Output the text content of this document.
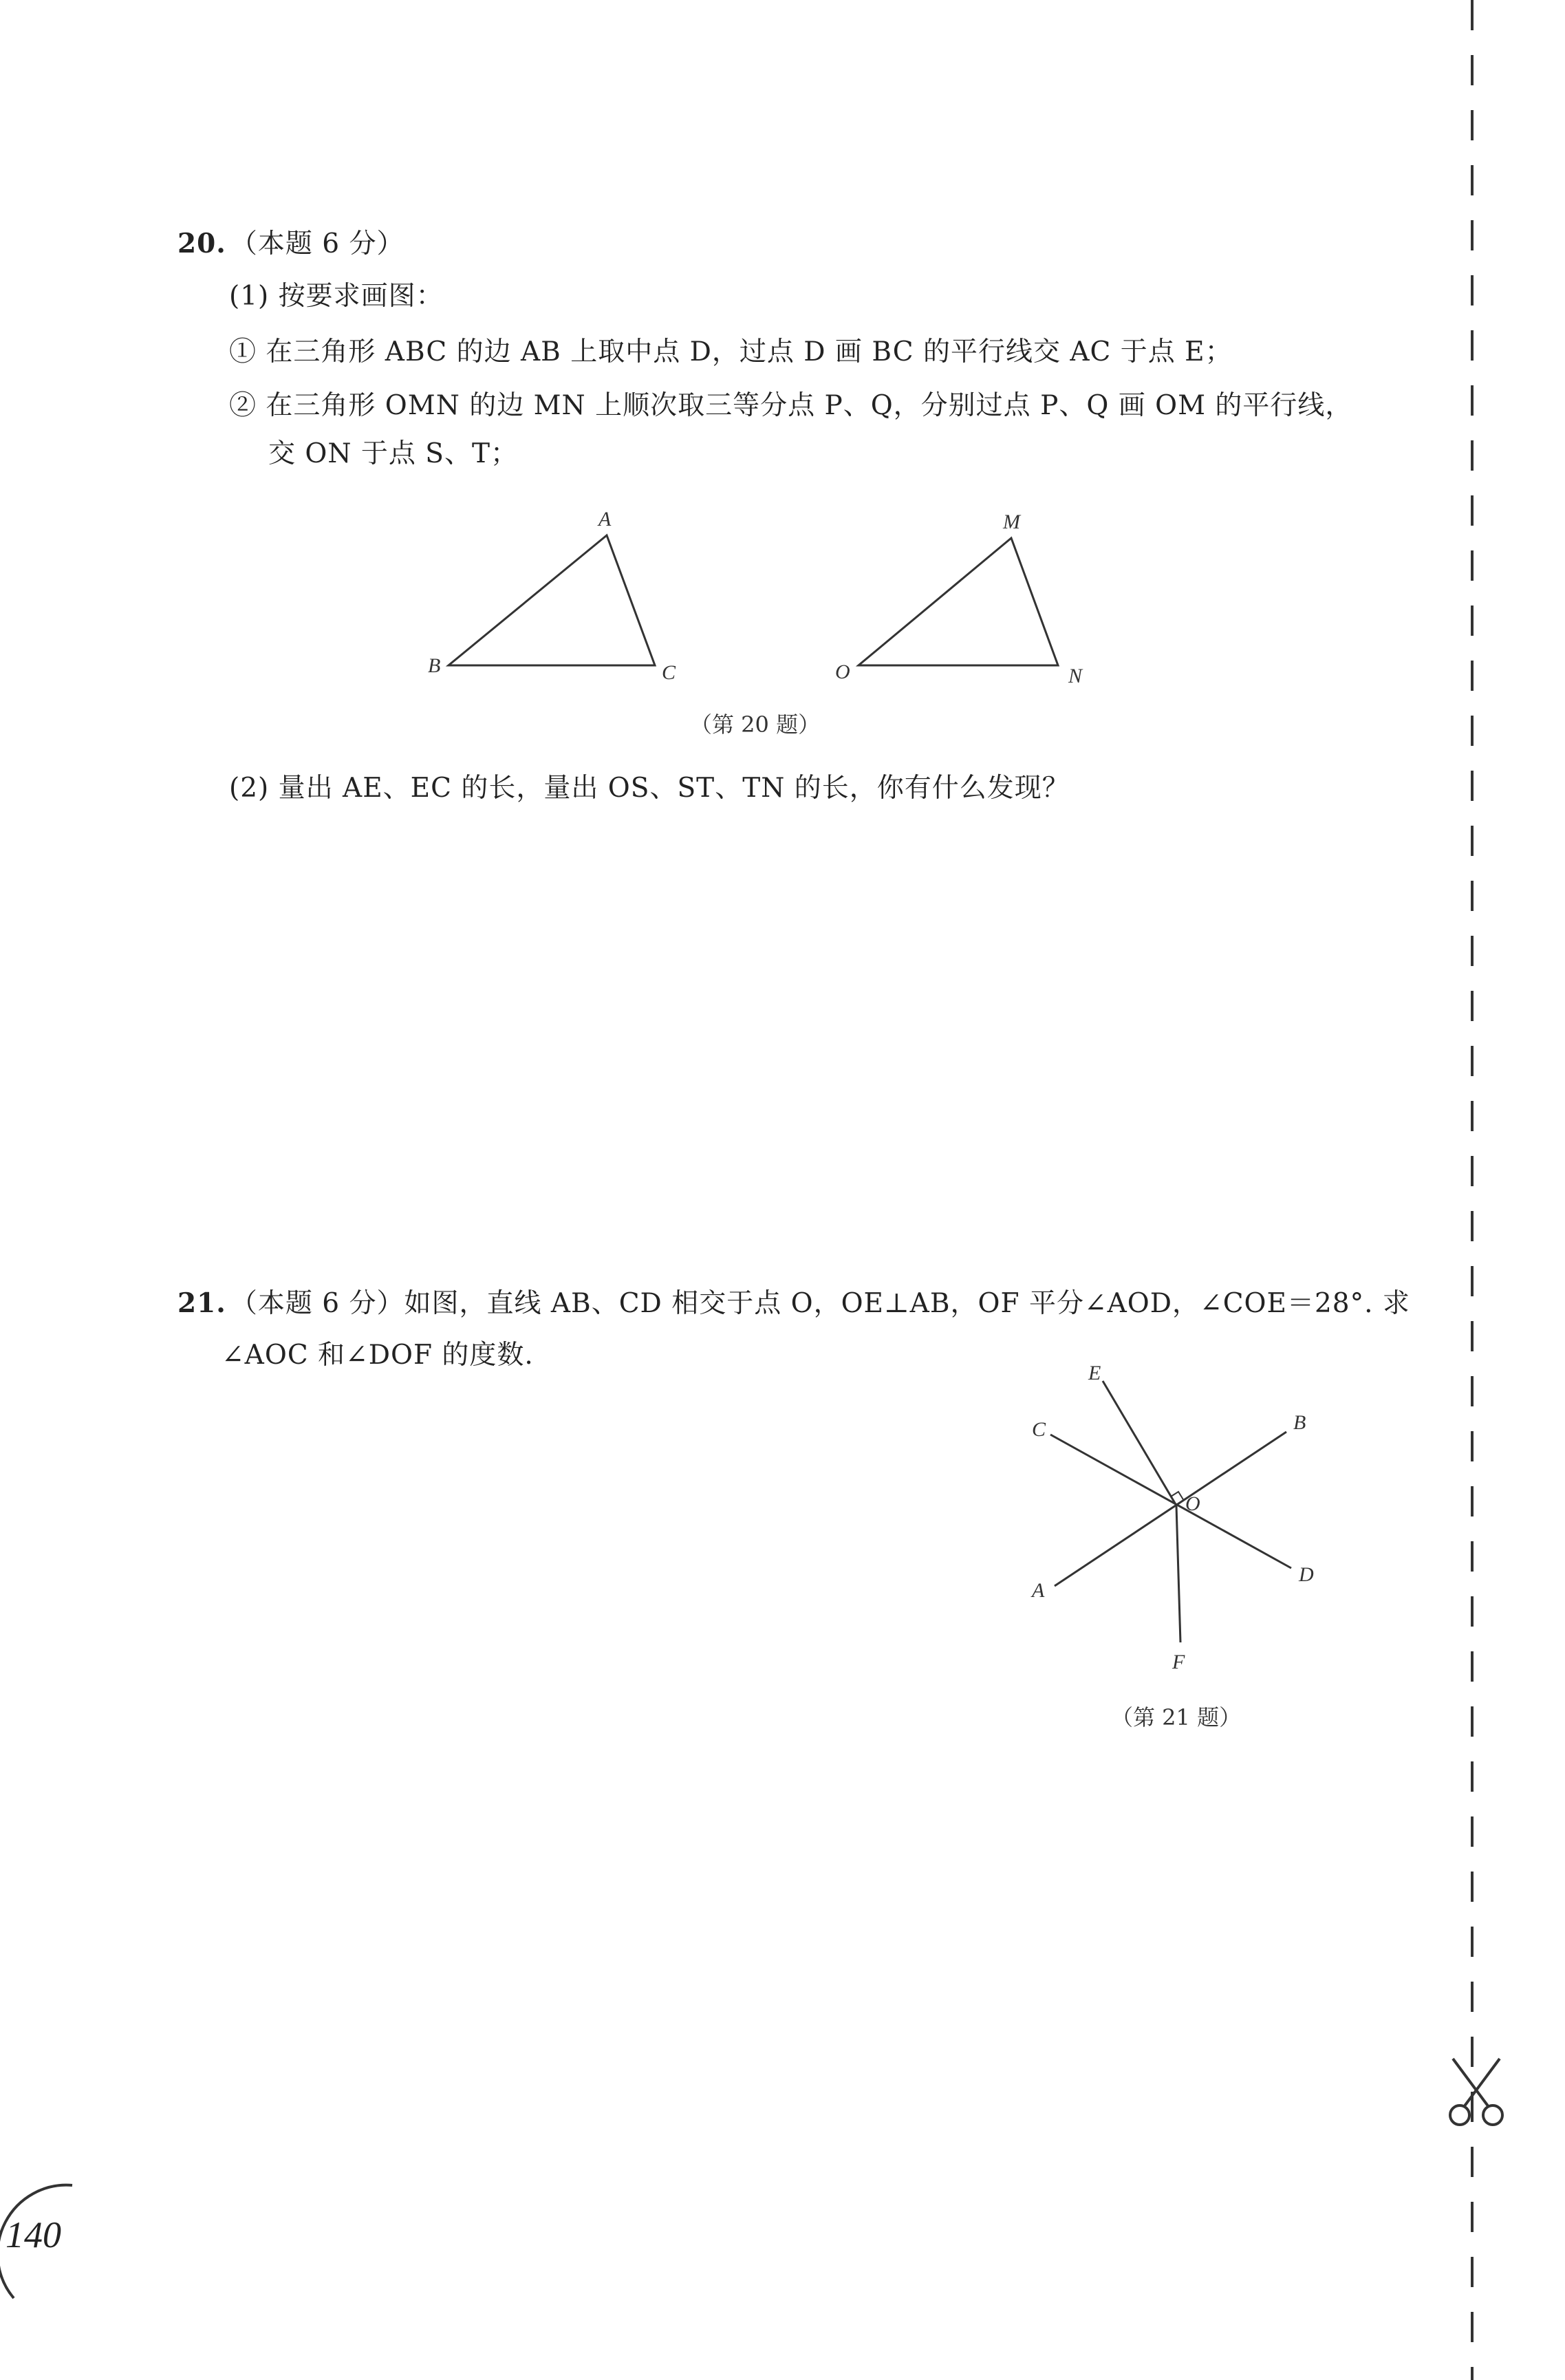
20. （本题 6 分）
(1) 按要求画图：
① 在三角形 ABC 的边 AB 上取中点 D，过点 D 画 BC 的平行线交 AC 于点 E；
② 在三角形 OMN 的边 MN 上顺次取三等分点 P、Q，分别过点 P、Q 画 OM 的平行线，
交 ON 于点 S、T；
A
B	C
M
O	N
（第 20 题）
(2) 量出 AE、EC 的长，量出 OS、ST、TN 的长，你有什么发现？
21. （本题 6 分）如图，直线 AB、CD 相交于点 O，OE⊥AB，OF 平分∠AOD，∠COE＝28°. 求
∠AOC 和∠DOF 的度数.
E
C	B
O
A
D
F
（第 21 题）
140
